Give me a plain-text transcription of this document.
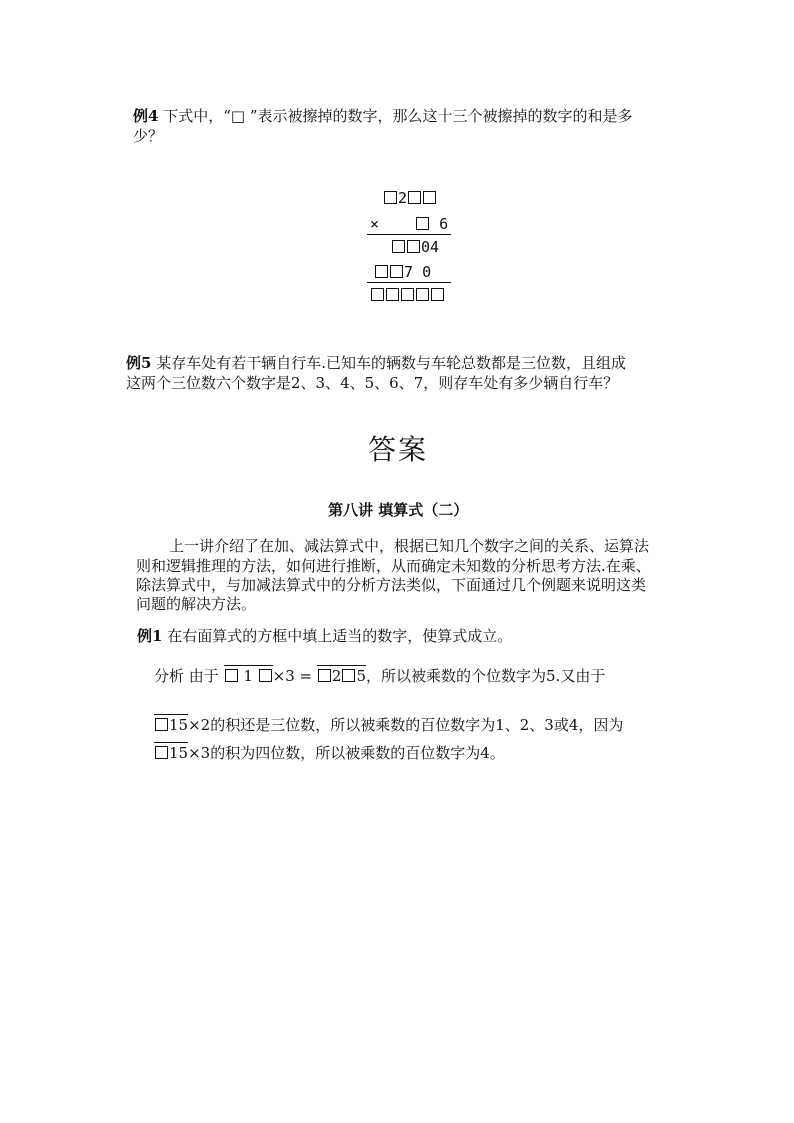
例4 下式中，“□ ”表示被擦掉的数字，那么这十三个被擦掉的数字的和是多
少？
2
×	6
04
7 0
例5 某存车处有若干辆自行车.已知车的辆数与车轮总数都是三位数，且组成
这两个三位数六个数字是2、3、4、5、6、7，则存车处有多少辆自行车？
答案
第八讲 填算式（二）
上一讲介绍了在加、减法算式中，根据已知几个数字之间的关系、运算法
则和逻辑推理的方法，如何进行推断，从而确定未知数的分析思考方法.在乘、
除法算式中，与加减法算式中的分析方法类似，下面通过几个例题来说明这类
问题的解决方法。
例1 在右面算式的方框中填上适当的数字，使算式成立。
分析 由于 1 ×3 = 2 5，所以被乘数的个位数字为5.又由于
15×2的积还是三位数，所以被乘数的百位数字为1、2、3或4，因为
15×3的积为四位数，所以被乘数的百位数字为4。
